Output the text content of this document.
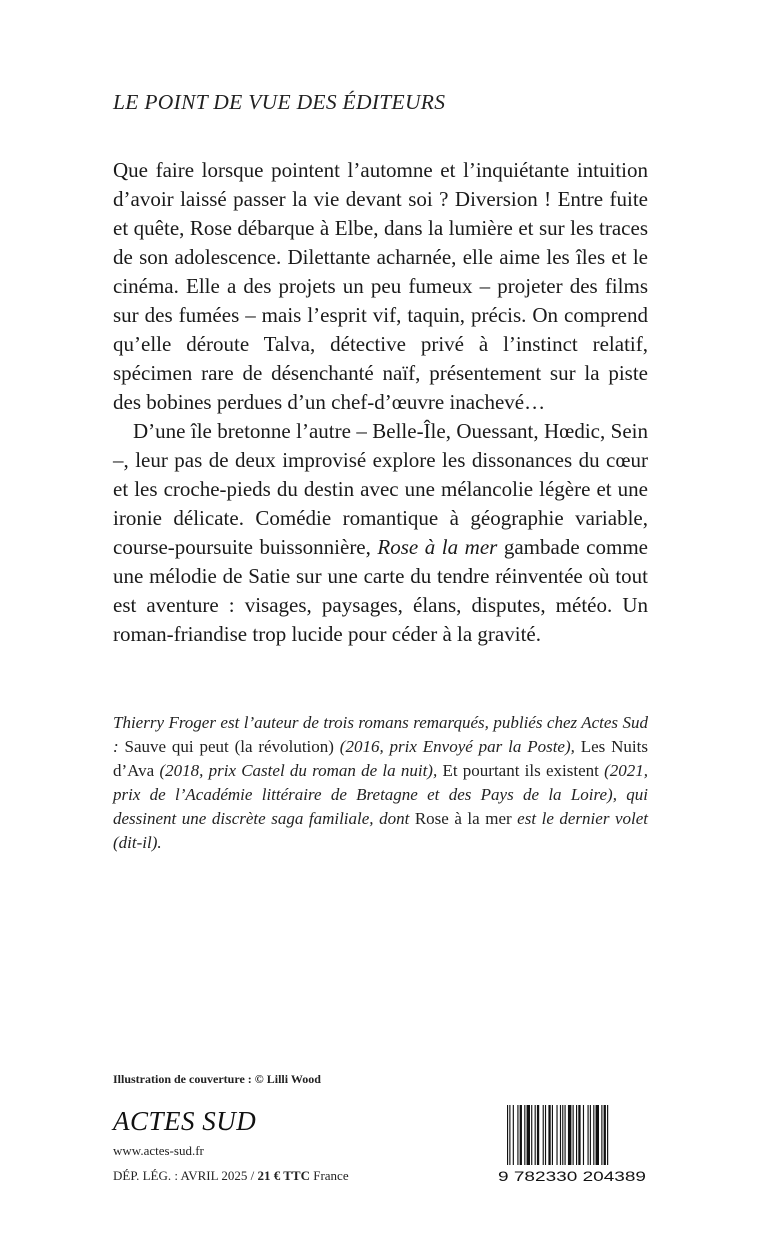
LE POINT DE VUE DES ÉDITEURS

Que faire lorsque pointent l’automne et l’inquiétante intuition d’avoir laissé passer la vie devant soi ? Diversion ! Entre fuite et quête, Rose débarque à Elbe, dans la lumière et sur les traces de son adolescence. Dilettante acharnée, elle aime les îles et le cinéma. Elle a des projets un peu fumeux – projeter des films sur des fumées – mais l’esprit vif, taquin, précis. On comprend qu’elle déroute Talva, détective privé à l’instinct relatif, spécimen rare de désenchanté naïf, présentement sur la piste des bobines perdues d’un chef-d’œuvre inachevé…

D’une île bretonne l’autre – Belle-Île, Ouessant, Hœdic, Sein –, leur pas de deux improvisé explore les dissonances du cœur et les croche-pieds du destin avec une mélancolie légère et une ironie délicate. Comédie romantique à géographie variable, course-poursuite buissonnière, Rose à la mer gambade comme une mélodie de Satie sur une carte du tendre réinventée où tout est aventure : visages, paysages, élans, disputes, météo. Un roman-friandise trop lucide pour céder à la gravité.

Thierry Froger est l’auteur de trois romans remarqués, publiés chez Actes Sud : Sauve qui peut (la révolution) (2016, prix Envoyé par la Poste), Les Nuits d’Ava (2018, prix Castel du roman de la nuit), Et pourtant ils existent (2021, prix de l’Académie littéraire de Bretagne et des Pays de la Loire), qui dessinent une discrète saga familiale, dont Rose à la mer est le dernier volet (dit-il).

Illustration de couverture : © Lilli Wood
ACTES SUD
www.actes-sud.fr
DÉP. LÉG. : AVRIL 2025 / 21 € TTC France	9 782330 204389
